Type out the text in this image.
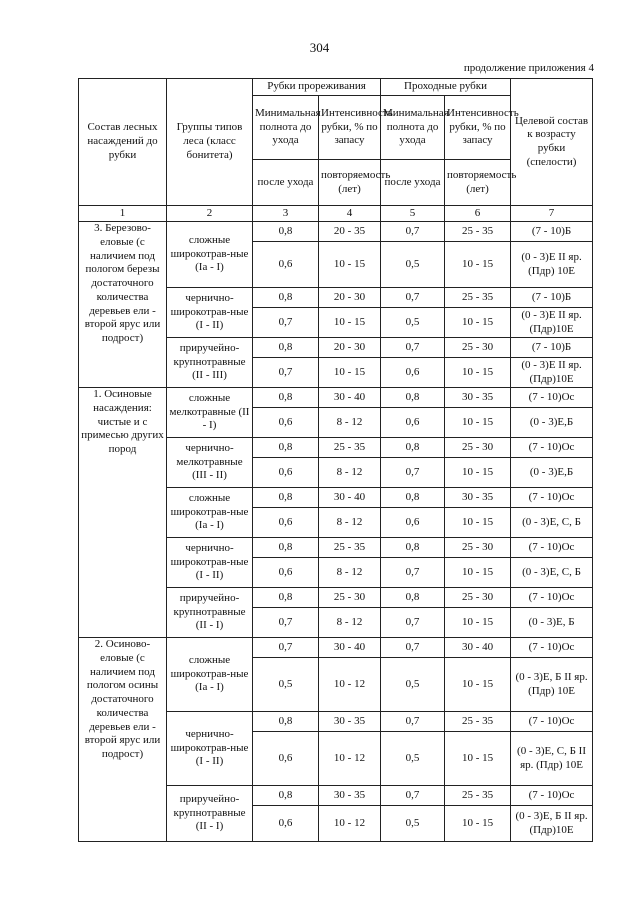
304
продолжение приложения 4
Состав лесных насаждений до рубки	Группы типов леса (класс бонитета)	Рубки прореживания		Проходные рубки		Целевой состав к возрасту рубки (спелости)
		Минимальная полнота до ухода	Интенсивность рубки, % по запасу	Минимальная полнота до ухода	Интенсивность рубки, % по запасу	
		после ухода	повторяемость (лет)	после ухода	повторяемость (лет)	
1	2	3	4	5	6	7
3. Березово-еловые (с наличием под пологом березы достаточного количества деревьев ели - второй ярус или подрост)	сложные широкотрав-ные (Iа - I)	0,8	20 - 35	0,7	25 - 35	(7 - 10)Б
		0,6	10 - 15	0,5	10 - 15	(0 - 3)Е II яр. (Пдр) 10Е
	чернично-широкотрав-ные (I - II)	0,8	20 - 30	0,7	25 - 35	(7 - 10)Б
		0,7	10 - 15	0,5	10 - 15	(0 - 3)Е II яр.(Пдр)10Е
	приручейно-крупнотравные (II - III)	0,8	20 - 30	0,7	25 - 30	(7 - 10)Б
		0,7	10 - 15	0,6	10 - 15	(0 - 3)Е II яр.(Пдр)10Е
1. Осиновые насаждения: чистые и с примесью других пород	сложные мелкотравные (II - I)	0,8	30 - 40	0,8	30 - 35	(7 - 10)Ос
		0,6	8 - 12	0,6	10 - 15	(0 - 3)Е,Б
	чернично-мелкотравные (III - II)	0,8	25 - 35	0,8	25 - 30	(7 - 10)Ос
		0,6	8 - 12	0,7	10 - 15	(0 - 3)Е,Б
	сложные широкотрав-ные (Iа - I)	0,8	30 - 40	0,8	30 - 35	(7 - 10)Ос
		0,6	8 - 12	0,6	10 - 15	(0 - 3)Е, С, Б
	чернично-широкотрав-ные (I - II)	0,8	25 - 35	0,8	25 - 30	(7 - 10)Ос
		0,6	8 - 12	0,7	10 - 15	(0 - 3)Е, С, Б
	приручейно-крупнотравные (II - I)	0,8	25 - 30	0,8	25 - 30	(7 - 10)Ос
		0,7	8 - 12	0,7	10 - 15	(0 - 3)Е, Б
2. Осиново-еловые (с наличием под пологом осины достаточного количества деревьев ели - второй ярус или подрост)	сложные широкотрав-ные (Iа - I)	0,7	30 - 40	0,7	30 - 40	(7 - 10)Ос
		0,5	10 - 12	0,5	10 - 15	(0 - 3)Е, Б II яр. (Пдр) 10Е
	чернично-широкотрав-ные (I - II)	0,8	30 - 35	0,7	25 - 35	(7 - 10)Ос
		0,6	10 - 12	0,5	10 - 15	(0 - 3)Е, С, Б II яр. (Пдр) 10Е
	приручейно-крупнотравные (II - I)	0,8	30 - 35	0,7	25 - 35	(7 - 10)Ос
		0,6	10 - 12	0,5	10 - 15	(0 - 3)Е, Б II яр.(Пдр)10Е
